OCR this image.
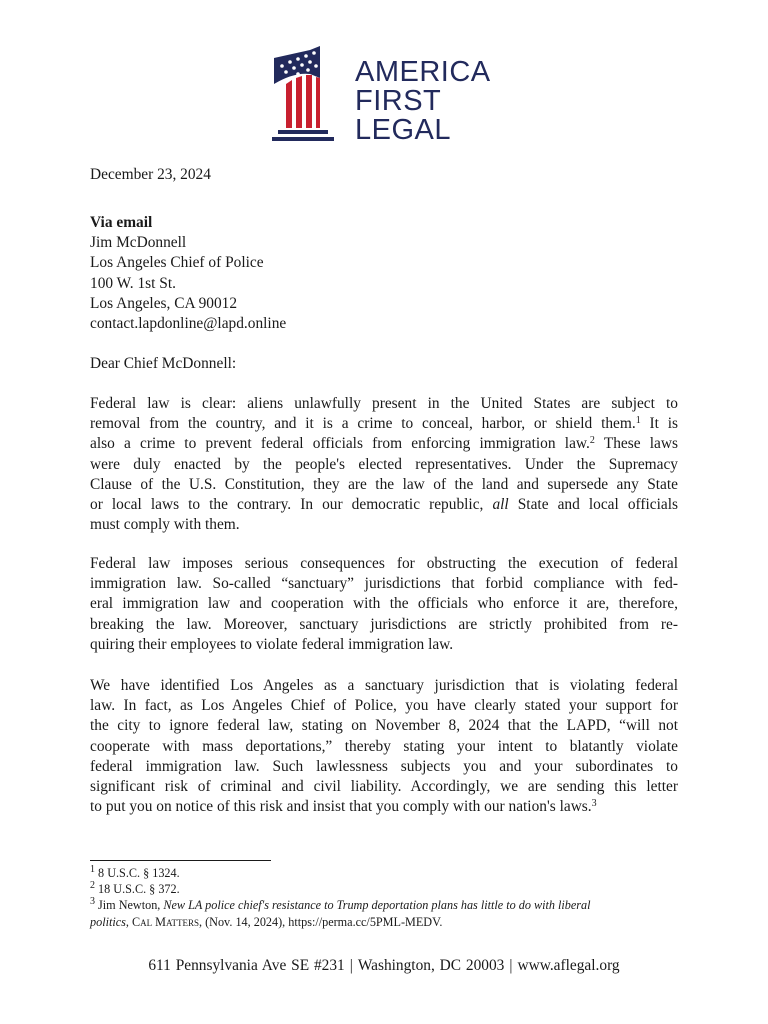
AMERICA
FIRST
LEGAL
December 23, 2024
Via email
Jim McDonnell
Los Angeles Chief of Police
100 W. 1st St.
Los Angeles, CA 90012
contact.lapdonline@lapd.online
Dear Chief McDonnell:
Federal law is clear: aliens unlawfully present in the United States are subject to
removal from the country, and it is a crime to conceal, harbor, or shield them.$^1$ It is
also a crime to prevent federal officials from enforcing immigration law.$^2$ These laws
were duly enacted by the people's elected representatives. Under the Supremacy
Clause of the U.S. Constitution, they are the law of the land and supersede any State
or local laws to the contrary. In our democratic republic, all State and local officials
must comply with them.
Federal law imposes serious consequences for obstructing the execution of federal
immigration law. So-called “sanctuary” jurisdictions that forbid compliance with fed-
eral immigration law and cooperation with the officials who enforce it are, therefore,
breaking the law. Moreover, sanctuary jurisdictions are strictly prohibited from re-
quiring their employees to violate federal immigration law.
We have identified Los Angeles as a sanctuary jurisdiction that is violating federal
law. In fact, as Los Angeles Chief of Police, you have clearly stated your support for
the city to ignore federal law, stating on November 8, 2024 that the LAPD, “will not
cooperate with mass deportations,” thereby stating your intent to blatantly violate
federal immigration law. Such lawlessness subjects you and your subordinates to
significant risk of criminal and civil liability. Accordingly, we are sending this letter
to put you on notice of this risk and insist that you comply with our nation's laws.$^3$
$^1$ 8 U.S.C. § 1324.
$^2$ 18 U.S.C. § 372.
$^3$ Jim Newton, New LA police chief's resistance to Trump deportation plans has little to do with liberal
politics, Cal Matters, (Nov. 14, 2024), https://perma.cc/5PML-MEDV.
611 Pennsylvania Ave SE #231 | Washington, DC 20003 | www.aflegal.org
